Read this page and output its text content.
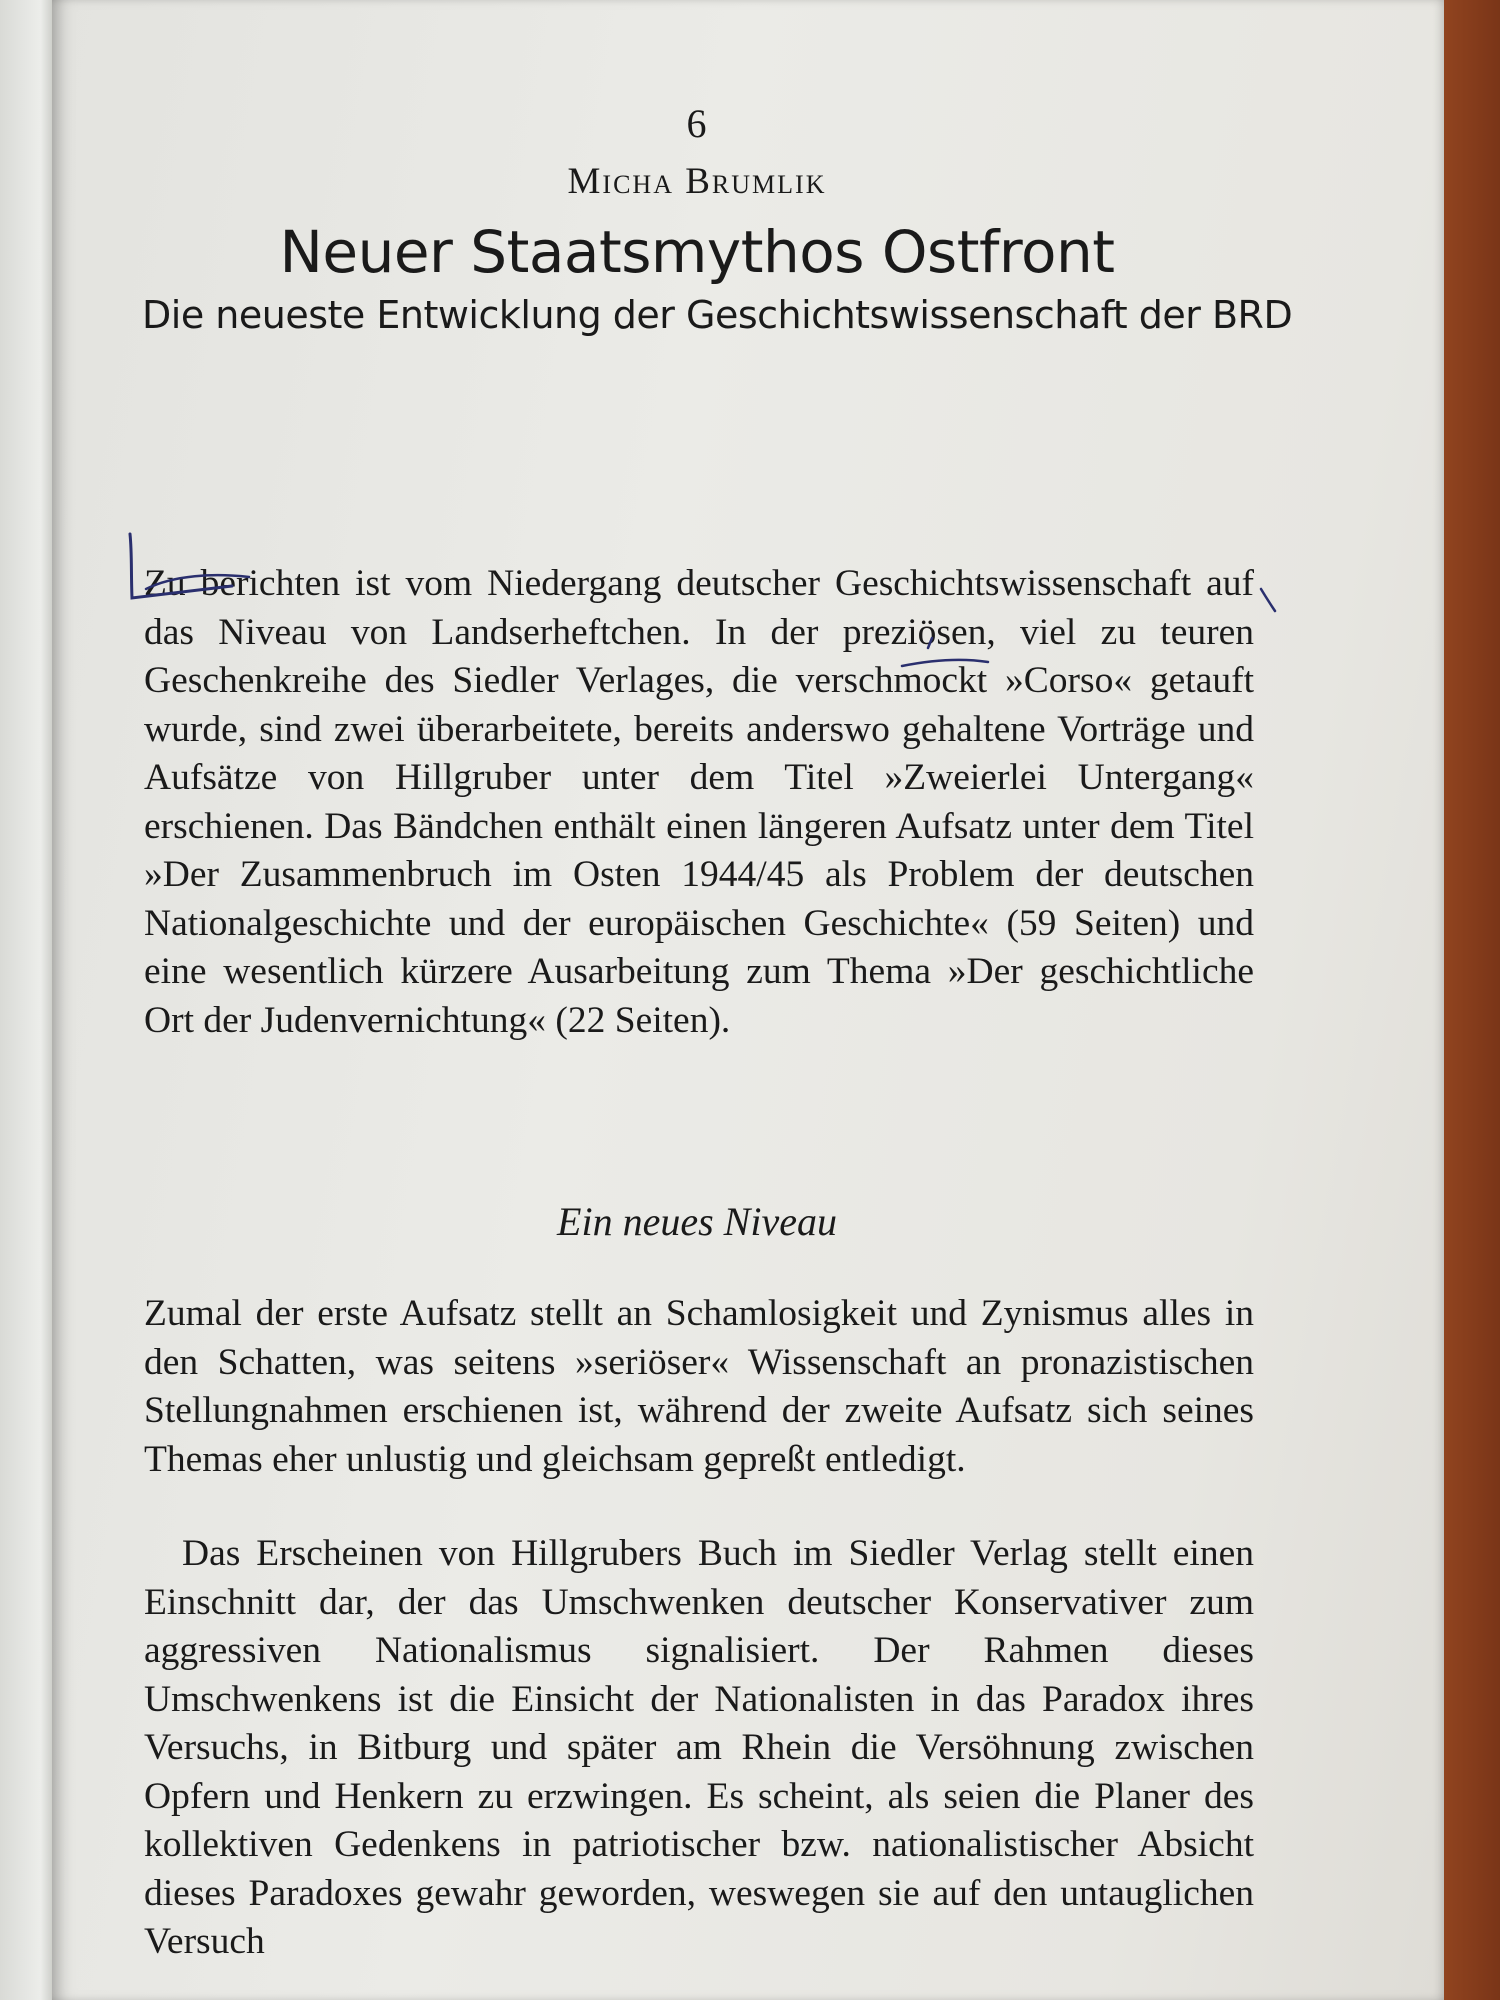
6
Micha Brumlik
Neuer Staatsmythos Ostfront
Die neueste Entwicklung der Geschichtswissenschaft der BRD

Zu berichten ist vom Niedergang deutscher Geschichtswissenschaft auf das Niveau von Landserheftchen. In der preziösen, viel zu teuren Geschenkreihe des Siedler Verlages, die verschmockt »Corso« getauft wurde, sind zwei überarbeitete, bereits anderswo gehaltene Vorträge und Aufsätze von Hillgruber unter dem Titel »Zweierlei Untergang« erschienen. Das Bändchen enthält einen längeren Aufsatz unter dem Titel »Der Zusammenbruch im Osten 1944/45 als Problem der deutschen Nationalgeschichte und der europäischen Geschichte« (59 Seiten) und eine wesentlich kürzere Ausarbeitung zum Thema »Der geschichtliche Ort der Judenvernichtung« (22 Seiten).

Ein neues Niveau

Zumal der erste Aufsatz stellt an Schamlosigkeit und Zynismus alles in den Schatten, was seitens »seriöser« Wissenschaft an pronazistischen Stellungnahmen erschienen ist, während der zweite Aufsatz sich seines Themas eher unlustig und gleichsam gepreßt entledigt.

Das Erscheinen von Hillgrubers Buch im Siedler Verlag stellt einen Einschnitt dar, der das Umschwenken deutscher Konservativer zum aggressiven Nationalismus signalisiert. Der Rahmen dieses Umschwenkens ist die Einsicht der Nationalisten in das Paradox ihres Versuchs, in Bitburg und später am Rhein die Versöhnung zwischen Opfern und Henkern zu erzwingen. Es scheint, als seien die Planer des kollektiven Gedenkens in patriotischer bzw. nationalistischer Absicht dieses Paradoxes gewahr geworden, weswegen sie auf den untauglichen Versuch
